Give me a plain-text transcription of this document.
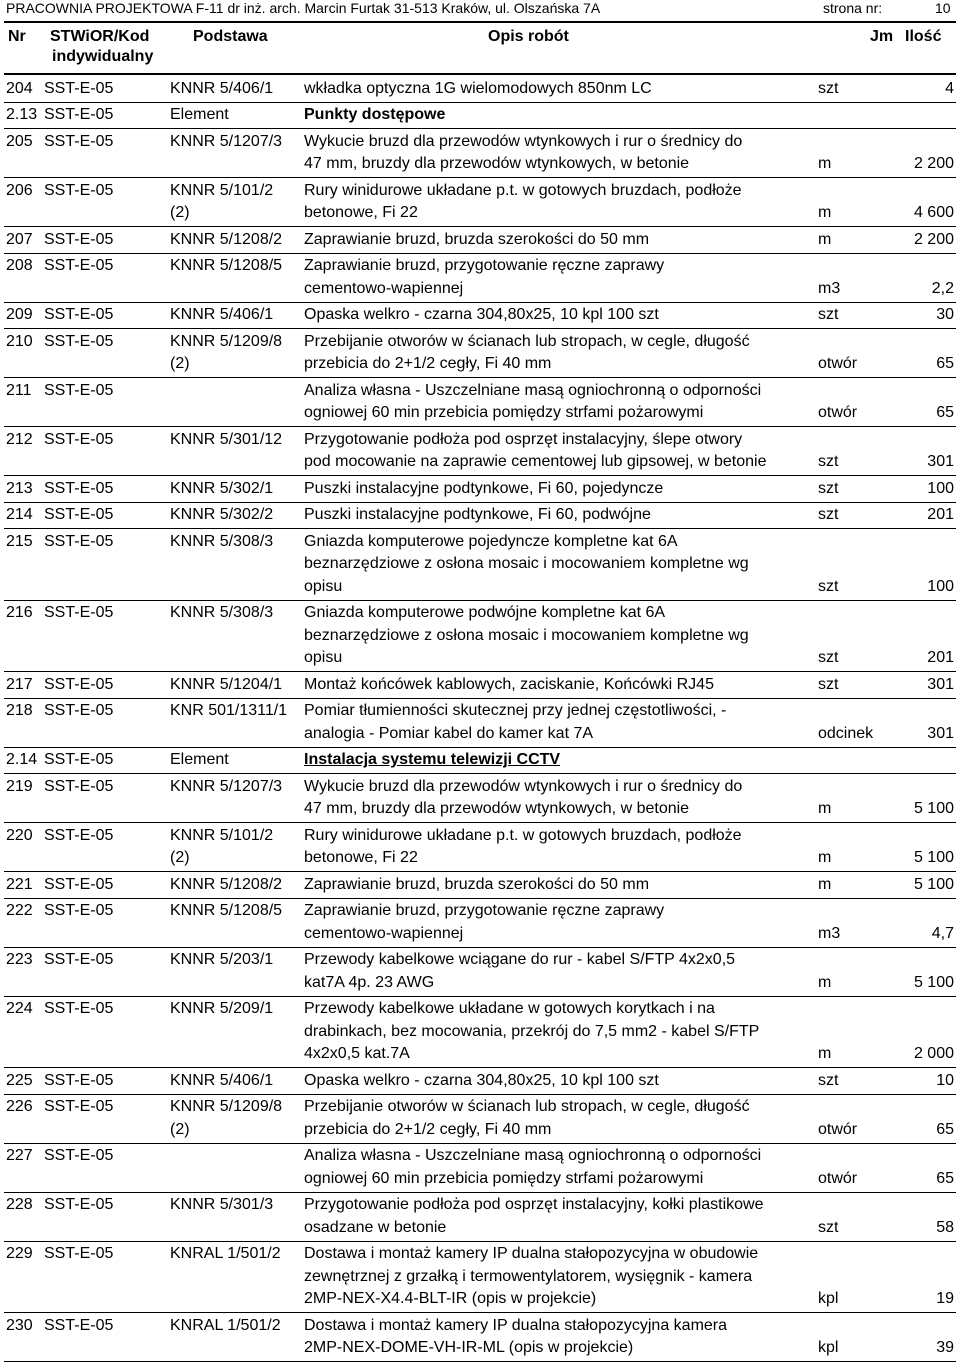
PRACOWNIA PROJEKTOWA F-11 dr inż. arch. Marcin Furtak 31-513 Kraków, ul. Olszańska 7A	strona nr:	10
Nr STWiOR/Kod
indywidualny
Podstawa	Opis robót	Jm Ilość
204 SST-E-05	KNNR 5/406/1 wkładka optyczna 1G wielomodowych 850nm LC	szt	4
2.13 SST-E-05	Element	Punkty dostępowe
205 SST-E-05	KNNR 5/1207/3 Wykucie bruzd dla przewodów wtynkowych i rur o średnicy do
47 mm, bruzdy dla przewodów wtynkowych, w betonie	m	2 200
206 SST-E-05	KNNR 5/101/2
(2)
Rury winidurowe układane p.t. w gotowych bruzdach, podłoże
betonowe, Fi 22	m	4 600
207 SST-E-05	KNNR 5/1208/2 Zaprawianie bruzd, bruzda szerokości do 50 mm	m	2 200
208 SST-E-05	KNNR 5/1208/5 Zaprawianie bruzd, przygotowanie ręczne zaprawy
cementowo-wapiennej	m3	2,2
209 SST-E-05	KNNR 5/406/1 Opaska welkro - czarna 304,80x25, 10 kpl 100 szt	szt	30
210 SST-E-05	KNNR 5/1209/8
(2)
Przebijanie otworów w ścianach lub stropach, w cegle, długość
przebicia do 2+1/2 cegły, Fi 40 mm	otwór	65
211 SST-E-05	Analiza własna - Uszczelniane masą ogniochronną o odporności
ogniowej 60 min przebicia pomiędzy strfami pożarowymi	otwór	65
212 SST-E-05	KNNR 5/301/12 Przygotowanie podłoża pod osprzęt instalacyjny, ślepe otwory
pod mocowanie na zaprawie cementowej lub gipsowej, w betonie	szt	301
213 SST-E-05	KNNR 5/302/1 Puszki instalacyjne podtynkowe, Fi 60, pojedyncze	szt	100
214 SST-E-05	KNNR 5/302/2 Puszki instalacyjne podtynkowe, Fi 60, podwójne	szt	201
215 SST-E-05	KNNR 5/308/3 Gniazda komputerowe pojedyncze kompletne kat 6A
beznarzędziowe z osłona mosaic i mocowaniem kompletne wg
opisu	szt	100
216 SST-E-05	KNNR 5/308/3 Gniazda komputerowe podwójne kompletne kat 6A
beznarzędziowe z osłona mosaic i mocowaniem kompletne wg
opisu	szt	201
217 SST-E-05	KNNR 5/1204/1 Montaż końcówek kablowych, zaciskanie, Końcówki RJ45	szt	301
218 SST-E-05	KNR 501/1311/1 Pomiar tłumienności skutecznej przy jednej częstotliwości, -
analogia - Pomiar kabel do kamer kat 7A	odcinek	301
2.14 SST-E-05	Element	Instalacja systemu telewizji CCTV
219 SST-E-05	KNNR 5/1207/3 Wykucie bruzd dla przewodów wtynkowych i rur o średnicy do
47 mm, bruzdy dla przewodów wtynkowych, w betonie	m	5 100
220 SST-E-05	KNNR 5/101/2
(2)
Rury winidurowe układane p.t. w gotowych bruzdach, podłoże
betonowe, Fi 22	m	5 100
221 SST-E-05	KNNR 5/1208/2 Zaprawianie bruzd, bruzda szerokości do 50 mm	m	5 100
222 SST-E-05	KNNR 5/1208/5 Zaprawianie bruzd, przygotowanie ręczne zaprawy
cementowo-wapiennej	m3	4,7
223 SST-E-05	KNNR 5/203/1 Przewody kabelkowe wciągane do rur - kabel S/FTP 4x2x0,5
kat7A 4p. 23 AWG	m	5 100
224 SST-E-05	KNNR 5/209/1 Przewody kabelkowe układane w gotowych korytkach i na
drabinkach, bez mocowania, przekrój do 7,5 mm2 - kabel S/FTP
4x2x0,5 kat.7A	m	2 000
225 SST-E-05	KNNR 5/406/1 Opaska welkro - czarna 304,80x25, 10 kpl 100 szt	szt	10
226 SST-E-05	KNNR 5/1209/8
(2)
Przebijanie otworów w ścianach lub stropach, w cegle, długość
przebicia do 2+1/2 cegły, Fi 40 mm	otwór	65
227 SST-E-05	Analiza własna - Uszczelniane masą ogniochronną o odporności
ogniowej 60 min przebicia pomiędzy strfami pożarowymi	otwór	65
228 SST-E-05	KNNR 5/301/3 Przygotowanie podłoża pod osprzęt instalacyjny, kołki plastikowe
osadzane w betonie	szt	58
229 SST-E-05	KNRAL 1/501/2 Dostawa i montaż kamery IP dualna stałopozycyjna w obudowie
zewnętrznej z grzałką i termowentylatorem, wysięgnik - kamera
2MP-NEX-X4.4-BLT-IR (opis w projekcie)	kpl	19
230 SST-E-05	KNRAL 1/501/2 Dostawa i montaż kamery IP dualna stałopozycyjna kamera
2MP-NEX-DOME-VH-IR-ML (opis w projekcie)	kpl	39
